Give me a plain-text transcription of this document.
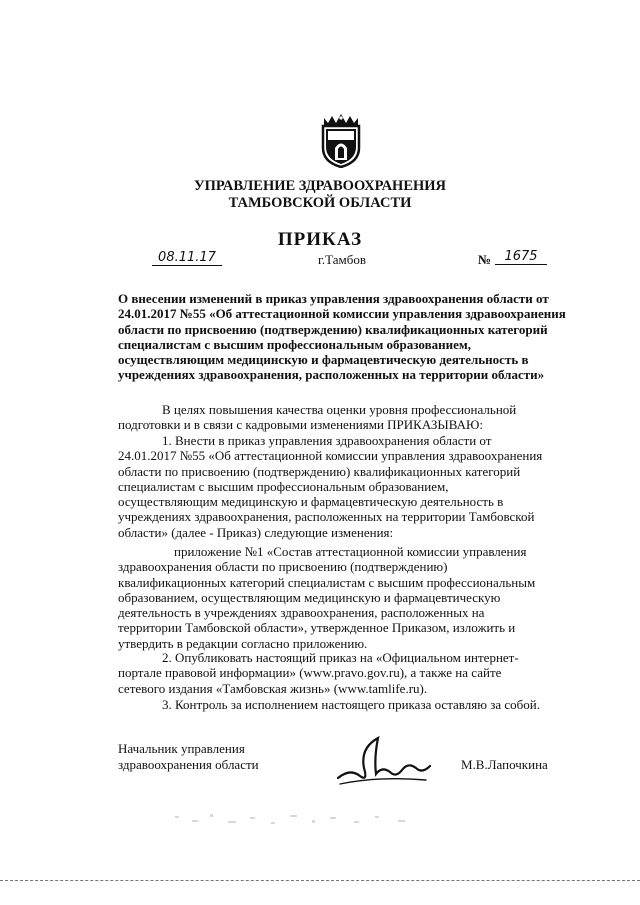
УПРАВЛЕНИЕ ЗДРАВООХРАНЕНИЯ
ТАМБОВСКОЙ ОБЛАСТИ
ПРИКАЗ
08.11.17	г.Тамбов	№	1675
О внесении изменений в приказ управления здравоохранения области от
24.01.2017 №55 «Об аттестационной комиссии управления здравоохранения
области по присвоению (подтверждению) квалификационных категорий
специалистам с высшим профессиональным образованием,
осуществляющим медицинскую и фармацевтическую деятельность в
учреждениях здравоохранения, расположенных на территории области»
В целях повышения качества оценки уровня профессиональной
подготовки и в связи с кадровыми изменениями ПРИКАЗЫВАЮ:
1. Внести в приказ управления здравоохранения области от
24.01.2017 №55 «Об аттестационной комиссии управления здравоохранения
области по присвоению (подтверждению) квалификационных категорий
специалистам с высшим профессиональным образованием,
осуществляющим медицинскую и фармацевтическую деятельность в
учреждениях здравоохранения, расположенных на территории Тамбовской
области» (далее - Приказ) следующие изменения:
приложение №1 «Состав аттестационной комиссии управления
здравоохранения области по присвоению (подтверждению)
квалификационных категорий специалистам с высшим профессиональным
образованием, осуществляющим медицинскую и фармацевтическую
деятельность в учреждениях здравоохранения, расположенных на
территории Тамбовской области», утвержденное Приказом, изложить и
утвердить в редакции согласно приложению.
2. Опубликовать настоящий приказ на «Официальном интернет-
портале правовой информации» (www.pravo.gov.ru), а также на сайте
сетевого издания «Тамбовская жизнь» (www.tamlife.ru).
3. Контроль за исполнением настоящего приказа оставляю за собой.
Начальник управления
здравоохранения области	М.В.Лапочкина
